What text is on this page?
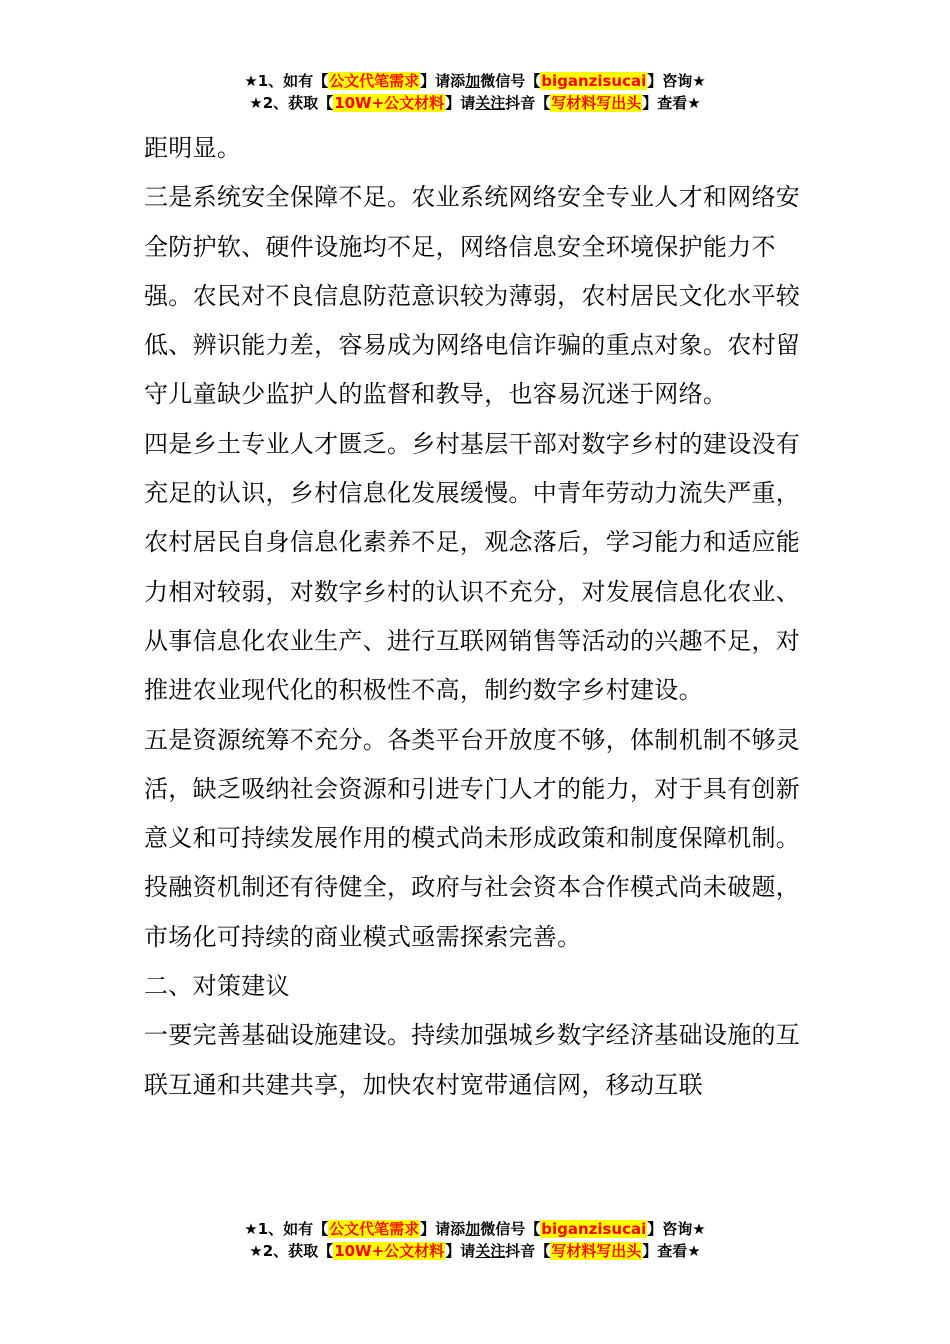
★1、如有【公文代笔需求】请添加微信号【biganzisucai】咨询★
★2、获取【10W+公文材料】请关注抖音【写材料写出头】查看★

距明显。

三是系统安全保障不足。农业系统网络安全专业人才和网络安全防护软、硬件设施均不足，网络信息安全环境保护能力不强。农民对不良信息防范意识较为薄弱，农村居民文化水平较低、辨识能力差，容易成为网络电信诈骗的重点对象。农村留守儿童缺少监护人的监督和教导，也容易沉迷于网络。

四是乡土专业人才匮乏。乡村基层干部对数字乡村的建设没有充足的认识，乡村信息化发展缓慢。中青年劳动力流失严重，农村居民自身信息化素养不足，观念落后，学习能力和适应能力相对较弱，对数字乡村的认识不充分，对发展信息化农业、从事信息化农业生产、进行互联网销售等活动的兴趣不足，对推进农业现代化的积极性不高，制约数字乡村建设。

五是资源统筹不充分。各类平台开放度不够，体制机制不够灵活，缺乏吸纳社会资源和引进专门人才的能力，对于具有创新意义和可持续发展作用的模式尚未形成政策和制度保障机制。投融资机制还有待健全，政府与社会资本合作模式尚未破题，市场化可持续的商业模式亟需探索完善。

二、对策建议

一要完善基础设施建设。持续加强城乡数字经济基础设施的互联互通和共建共享，加快农村宽带通信网，移动互联

★1、如有【公文代笔需求】请添加微信号【biganzisucai】咨询★
★2、获取【10W+公文材料】请关注抖音【写材料写出头】查看★
